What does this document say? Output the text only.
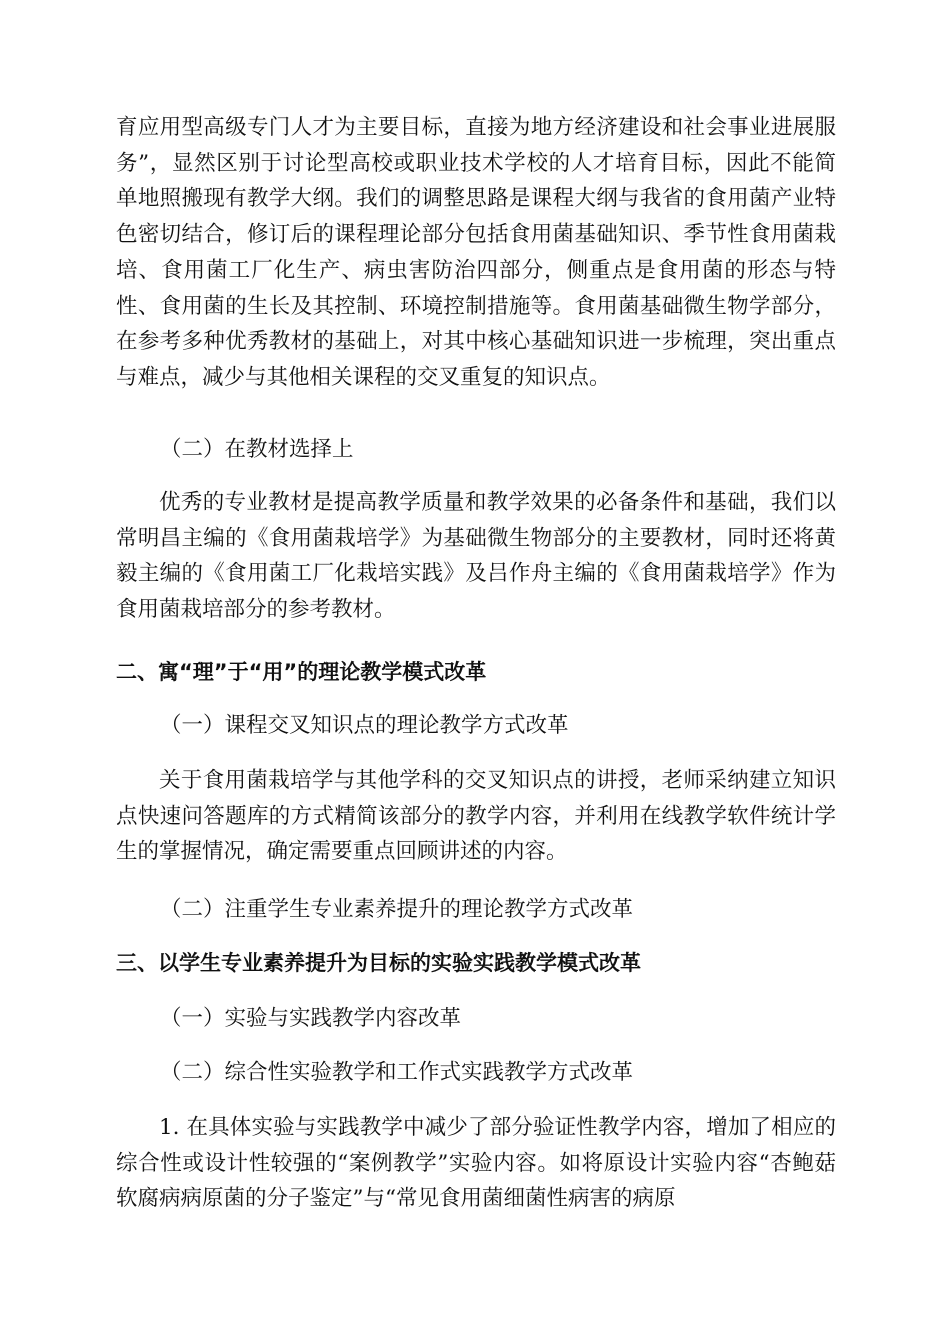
育应用型高级专门人才为主要目标，直接为地方经济建设和社会事业进展服务”，显然区别于讨论型高校或职业技术学校的人才培育目标，因此不能简单地照搬现有教学大纲。我们的调整思路是课程大纲与我省的食用菌产业特色密切结合，修订后的课程理论部分包括食用菌基础知识、季节性食用菌栽培、食用菌工厂化生产、病虫害防治四部分，侧重点是食用菌的形态与特性、食用菌的生长及其控制、环境控制措施等。食用菌基础微生物学部分，在参考多种优秀教材的基础上，对其中核心基础知识进一步梳理，突出重点与难点，减少与其他相关课程的交叉重复的知识点。

（二）在教材选择上

优秀的专业教材是提高教学质量和教学效果的必备条件和基础，我们以常明昌主编的《食用菌栽培学》为基础微生物部分的主要教材，同时还将黄毅主编的《食用菌工厂化栽培实践》及吕作舟主编的《食用菌栽培学》作为食用菌栽培部分的参考教材。

二、寓“理”于“用”的理论教学模式改革

（一）课程交叉知识点的理论教学方式改革

关于食用菌栽培学与其他学科的交叉知识点的讲授，老师采纳建立知识点快速问答题库的方式精简该部分的教学内容，并利用在线教学软件统计学生的掌握情况，确定需要重点回顾讲述的内容。

（二）注重学生专业素养提升的理论教学方式改革

三、以学生专业素养提升为目标的实验实践教学模式改革

（一）实验与实践教学内容改革

（二）综合性实验教学和工作式实践教学方式改革

1. 在具体实验与实践教学中减少了部分验证性教学内容，增加了相应的综合性或设计性较强的“案例教学”实验内容。如将原设计实验内容“杏鲍菇软腐病病原菌的分子鉴定”与“常见食用菌细菌性病害的病原
